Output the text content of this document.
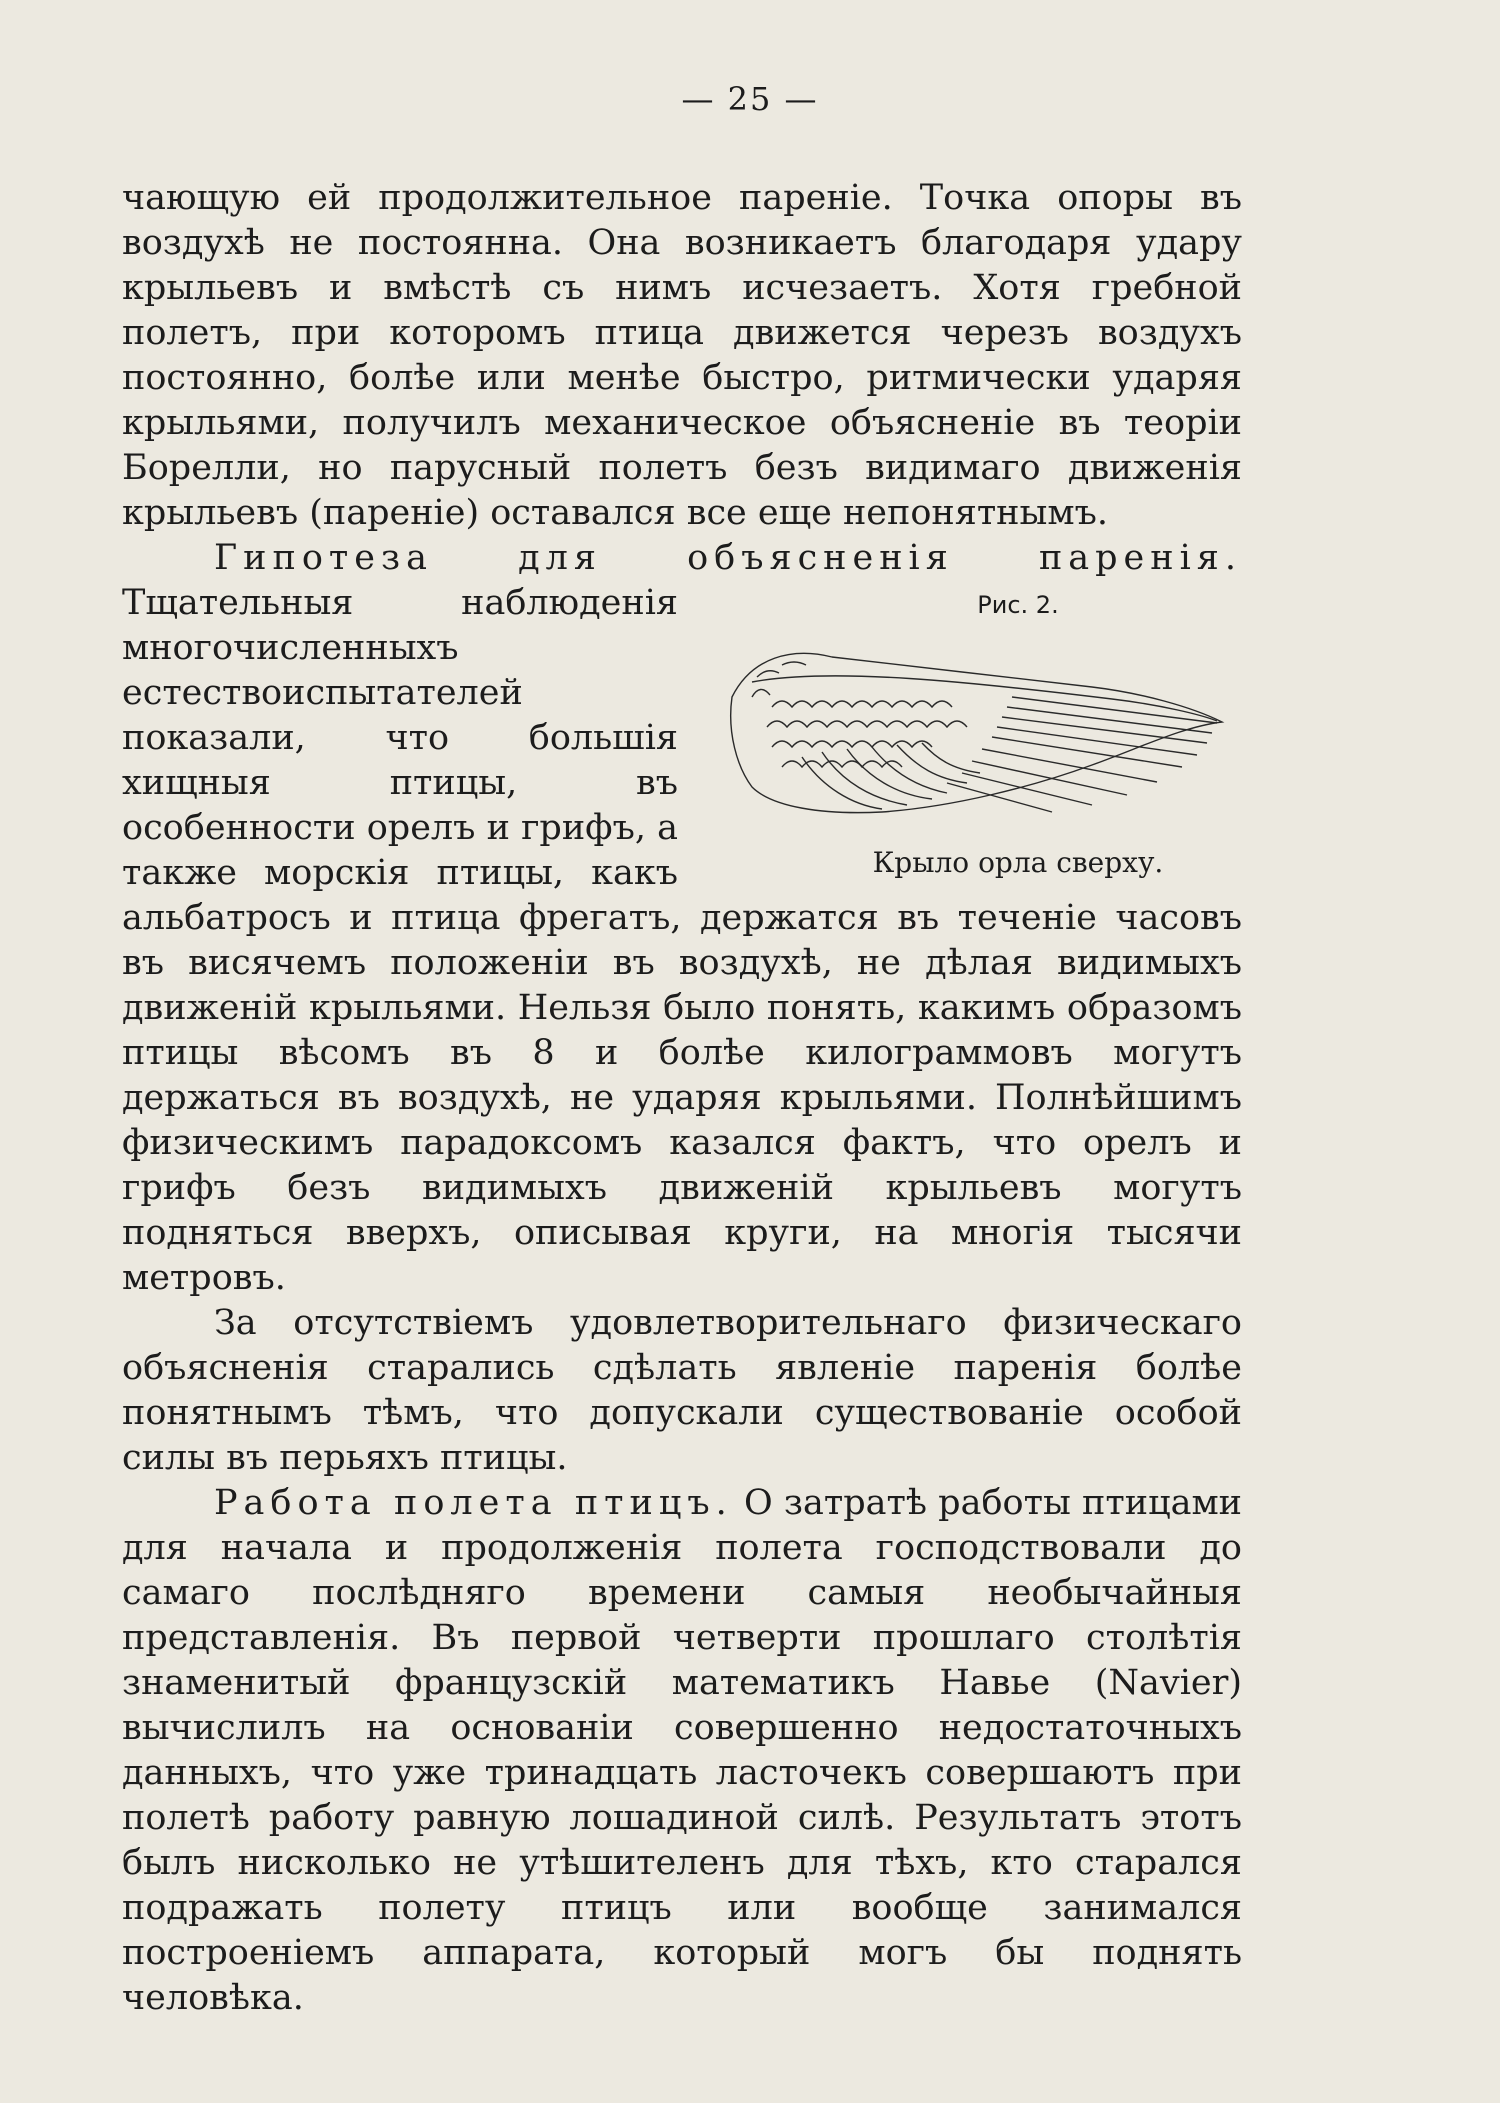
— 25 —

чающую ей продолжительное пареніе. Точка опоры въ воздухѣ не постоянна. Она возникаетъ благодаря удару крыльевъ и вмѣстѣ съ нимъ исчезаетъ. Хотя гребной полетъ, при которомъ птица движется черезъ воздухъ постоянно, болѣе или менѣе быстро, ритмически ударяя крыльями, получилъ механическое объясненіе въ теоріи Борелли, но парусный полетъ безъ видимаго движенія крыльевъ (пареніе) оставался все еще непонятнымъ.

Гипотеза для объясненія паренія.
Рис. 2.
Крыло орла сверху.
Тщательныя наблюденія многочисленныхъ естествоиспытателей показали, что большія хищныя птицы, въ особенности орелъ и грифъ, а также морскія птицы, какъ альбатросъ и птица фрегатъ, держатся въ теченіе часовъ въ висячемъ положеніи въ воздухѣ, не дѣлая видимыхъ движеній крыльями. Нельзя было понять, какимъ образомъ птицы вѣсомъ въ 8 и болѣе килограммовъ могутъ держаться въ воздухѣ, не ударяя крыльями. Полнѣйшимъ физическимъ парадоксомъ казался фактъ, что орелъ и грифъ безъ видимыхъ движеній крыльевъ могутъ подняться вверхъ, описывая круги, на многія тысячи метровъ.

За отсутствіемъ удовлетворительнаго физическаго объясненія старались сдѣлать явленіе паренія болѣе понятнымъ тѣмъ, что допускали существованіе особой силы въ перьяхъ птицы.

Работа полета птицъ. О затратѣ работы птицами для начала и продолженія полета господствовали до самаго послѣдняго времени самыя необычайныя представленія. Въ первой четверти прошлаго столѣтія знаменитый французскій математикъ Навье (Navier) вычислилъ на основаніи совершенно недостаточныхъ данныхъ, что уже тринадцать ласточекъ совершаютъ при полетѣ работу равную лошадиной силѣ. Результатъ этотъ былъ нисколько не утѣшителенъ для тѣхъ, кто старался подражать полету птицъ или вообще занимался построеніемъ аппарата, который могъ бы поднять человѣка.
